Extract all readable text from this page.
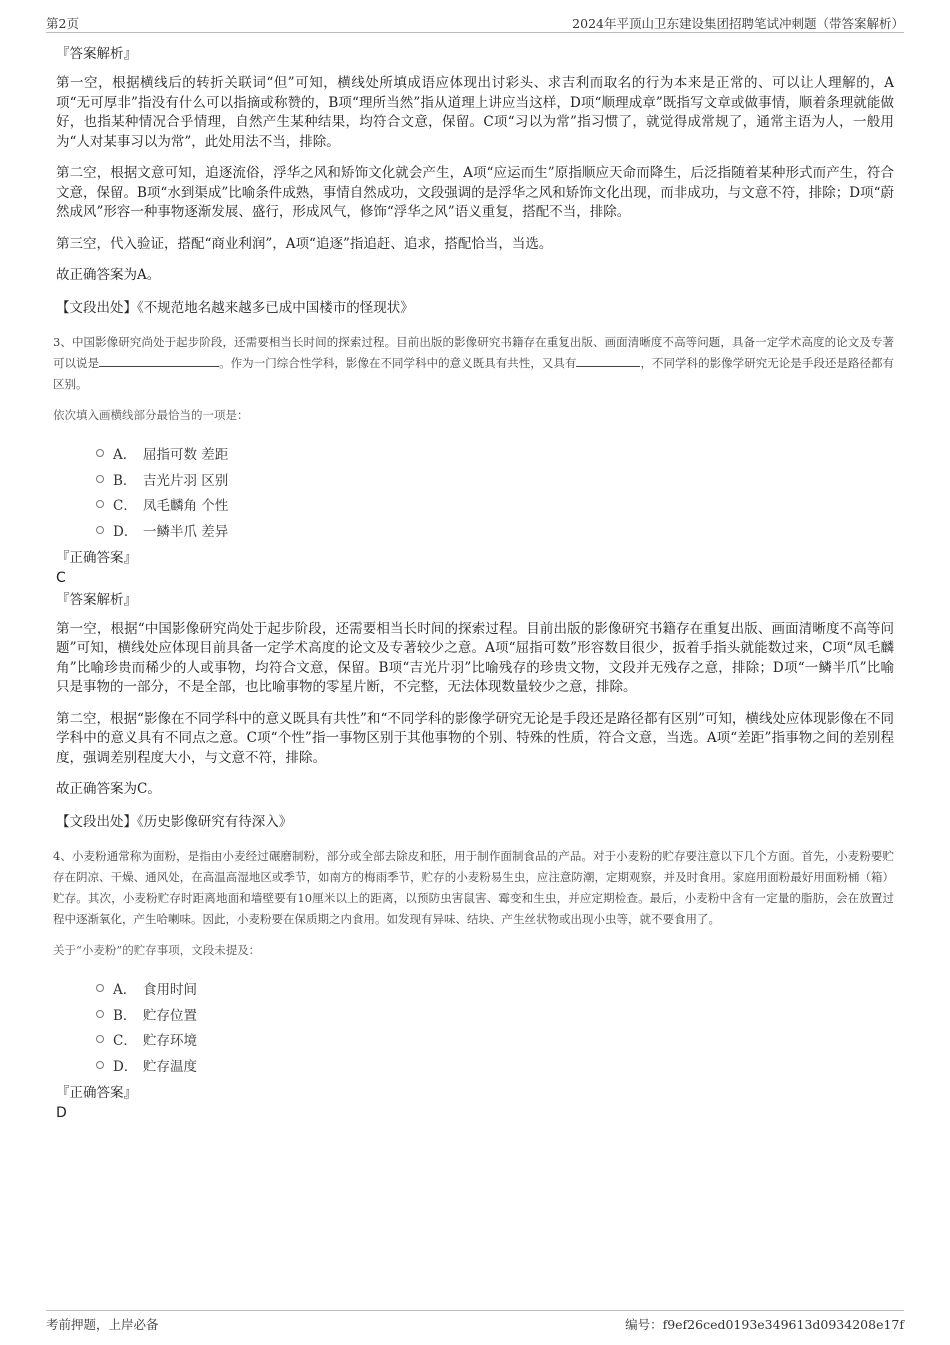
第2页	2024年平顶山卫东建设集团招聘笔试冲刺题（带答案解析）

『答案解析』

第一空，根据横线后的转折关联词“但”可知，横线处所填成语应体现出讨彩头、求吉利而取名的行为本来是正常的、可以让人理解的，A项“无可厚非”指没有什么可以指摘或称赞的，B项“理所当然”指从道理上讲应当这样，D项“顺理成章”既指写文章或做事情，顺着条理就能做好，也指某种情况合乎情理，自然产生某种结果，均符合文意，保留。C项“习以为常”指习惯了，就觉得成常规了，通常主语为人，一般用为“人对某事习以为常”，此处用法不当，排除。

第二空，根据文意可知，追逐流俗，浮华之风和矫饰文化就会产生，A项“应运而生”原指顺应天命而降生，后泛指随着某种形式而产生，符合文意，保留。B项“水到渠成”比喻条件成熟，事情自然成功，文段强调的是浮华之风和矫饰文化出现，而非成功，与文意不符，排除；D项“蔚然成风”形容一种事物逐渐发展、盛行，形成风气，修饰“浮华之风”语义重复，搭配不当，排除。

第三空，代入验证，搭配“商业利润”，A项“追逐”指追赶、追求，搭配恰当，当选。

故正确答案为A。

【文段出处】《不规范地名越来越多已成中国楼市的怪现状》

3、中国影像研究尚处于起步阶段，还需要相当长时间的探索过程。目前出版的影像研究书籍存在重复出版、画面清晰度不高等问题，具备一定学术高度的论文及专著可以说是	。作为一门综合性学科，影像在不同学科中的意义既具有共性，又具有	，不同学科的影像学研究无论是手段还是路径都有区别。

依次填入画横线部分最恰当的一项是：

A． 屈指可数 差距
B． 吉光片羽 区别
C． 凤毛麟角 个性
D． 一鳞半爪 差异

『正确答案』

C

『答案解析』

第一空，根据“中国影像研究尚处于起步阶段，还需要相当长时间的探索过程。目前出版的影像研究书籍存在重复出版、画面清晰度不高等问题”可知，横线处应体现目前具备一定学术高度的论文及专著较少之意。A项“屈指可数”形容数目很少，扳着手指头就能数过来，C项“凤毛麟角”比喻珍贵而稀少的人或事物，均符合文意，保留。B项“吉光片羽”比喻残存的珍贵文物，文段并无残存之意，排除；D项“一鳞半爪”比喻只是事物的一部分，不是全部，也比喻事物的零星片断，不完整，无法体现数量较少之意，排除。

第二空，根据“影像在不同学科中的意义既具有共性”和“不同学科的影像学研究无论是手段还是路径都有区别”可知，横线处应体现影像在不同学科中的意义具有不同点之意。C项“个性”指一事物区别于其他事物的个别、特殊的性质，符合文意，当选。A项“差距”指事物之间的差别程度，强调差别程度大小，与文意不符，排除。

故正确答案为C。

【文段出处】《历史影像研究有待深入》

4、小麦粉通常称为面粉，是指由小麦经过碾磨制粉，部分或全部去除皮和胚，用于制作面制食品的产品。对于小麦粉的贮存要注意以下几个方面。首先，小麦粉要贮存在阴凉、干燥、通风处，在高温高湿地区或季节，如南方的梅雨季节，贮存的小麦粉易生虫，应注意防潮，定期观察，并及时食用。家庭用面粉最好用面粉桶（箱）贮存。其次，小麦粉贮存时距离地面和墙壁要有10厘米以上的距离，以预防虫害鼠害、霉变和生虫，并应定期检查。最后，小麦粉中含有一定量的脂肪，会在放置过程中逐渐氧化，产生哈喇味。因此，小麦粉要在保质期之内食用。如发现有异味、结块、产生丝状物或出现小虫等，就不要食用了。

关于“小麦粉”的贮存事项，文段未提及：

A． 食用时间
B． 贮存位置
C． 贮存环境
D． 贮存温度

『正确答案』

D

考前押题，上岸必备	编号：f9ef26ced0193e349613d0934208e17f
